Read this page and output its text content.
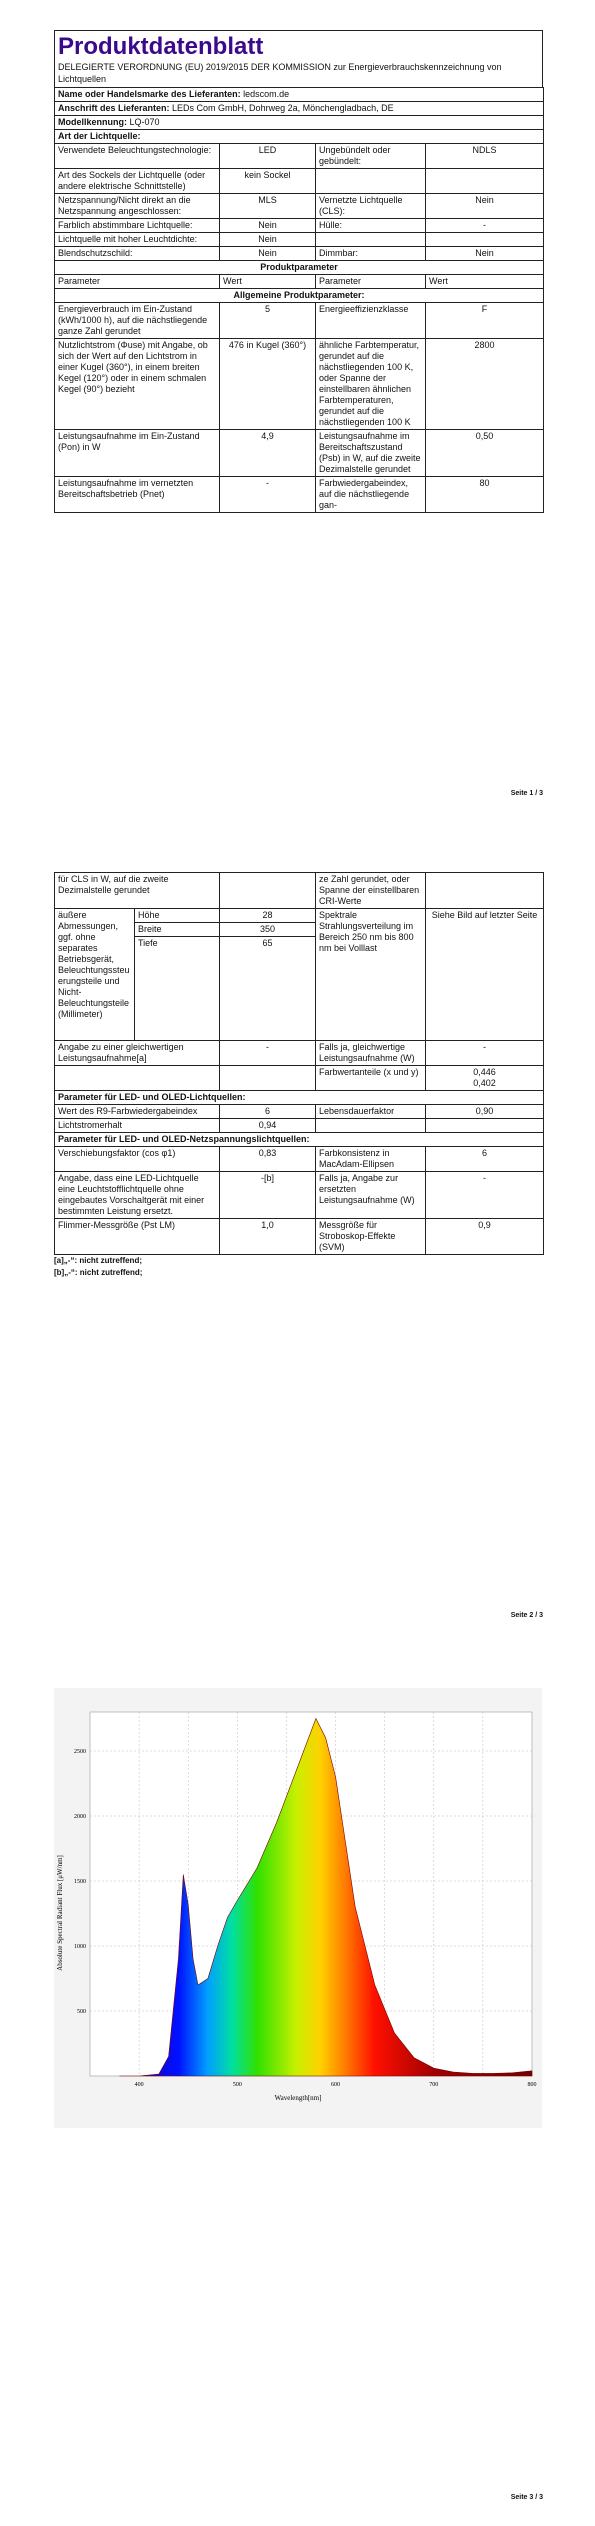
Produktdatenblatt
DELEGIERTE VERORDNUNG (EU) 2019/2015 DER KOMMISSION zur Energieverbrauchskennzeichnung von Lichtquellen
Name oder Handelsmarke des Lieferanten: ledscom.de			
Anschrift des Lieferanten: LEDs Com GmbH, Dohrweg 2a, Mönchengladbach, DE			
Modellkennung: LQ-070			
Art der Lichtquelle:			
Verwendete Beleuchtungstechnologie:	LED	Ungebündelt oder gebündelt:	NDLS
Art des Sockels der Lichtquelle (oder andere elektrische Schnittstelle)	kein Sockel		
Netzspannung/Nicht direkt an die Netzspannung angeschlossen:	MLS	Vernetzte Lichtquelle (CLS):	Nein
Farblich abstimmbare Lichtquelle:	Nein	Hülle:	-
Lichtquelle mit hoher Leuchtdichte:	Nein		
Blendschutzschild:	Nein	Dimmbar:	Nein
Produktparameter			
Parameter	Wert	Parameter	Wert
Allgemeine Produktparameter:			
Energieverbrauch im Ein-Zustand (kWh/1000 h), auf die nächstliegende ganze Zahl gerundet	5	Energieeffizienzklasse	F
Nutzlichtstrom (Φuse) mit Angabe, ob sich der Wert auf den Lichtstrom in einer Kugel (360°), in einem breiten Kegel (120°) oder in einem schmalen Kegel (90°) bezieht	476 in Kugel (360°)	ähnliche Farbtemperatur, gerundet auf die nächstliegenden 100 K, oder Spanne der einstellbaren ähnlichen Farbtemperaturen, gerundet auf die nächstliegenden 100 K	2800
Leistungsaufnahme im Ein-Zustand (Pon) in W	4,9	Leistungsaufnahme im Bereitschaftszustand (Psb) in W, auf die zweite Dezimalstelle gerundet	0,50
Leistungsaufnahme im vernetzten Bereitschaftsbetrieb (Pnet)	-	Farbwiedergabeindex, auf die nächstliegende gan-	80
Seite 1 / 3
für CLS in W, auf die zweite Dezimalstelle gerundet			ze Zahl gerundet, oder Spanne der einstellbaren CRI-Werte	
äußere Abmessungen, ggf. ohne separates Betriebsgerät, Beleuchtungssteuerungsteile und Nicht-Beleuchtungsteile (Millimeter)	Höhe	28	Spektrale Strahlungsverteilung im Bereich 250 nm bis 800 nm bei Volllast	Siehe Bild auf letzter Seite
	Breite	350		
	Tiefe	65		
Angabe zu einer gleichwertigen Leistungsaufnahme[a]		-	Falls ja, gleichwertige Leistungsaufnahme (W)	-
			Farbwertanteile (x und y)	0,446
0,402

Parameter für LED- und OLED-Lichtquellen:				
Wert des R9-Farbwiedergabeindex		6	Lebensdauerfaktor	0,90
Lichtstromerhalt		0,94		
Parameter für LED- und OLED-Netzspannungslichtquellen:				
Verschiebungsfaktor (cos φ1)		0,83	Farbkonsistenz in MacAdam-Ellipsen	6
Angabe, dass eine LED-Lichtquelle eine Leuchtstofflichtquelle ohne eingebautes Vorschaltgerät mit einer bestimmten Leistung ersetzt.		-[b]	Falls ja, Angabe zur ersetzten Leistungsaufnahme (W)	-
Flimmer-Messgröße (Pst LM)		1,0	Messgröße für Stroboskop-Effekte (SVM)	0,9
[a]„-“: nicht zutreffend;
[b]„-“: nicht zutreffend;
Seite 2 / 3
400	500	600	700	800
500
1000
1500
2000
2500
Absolute Spectral Radiant Flux [μW/nm]
Wavelength[nm]
Seite 3 / 3
